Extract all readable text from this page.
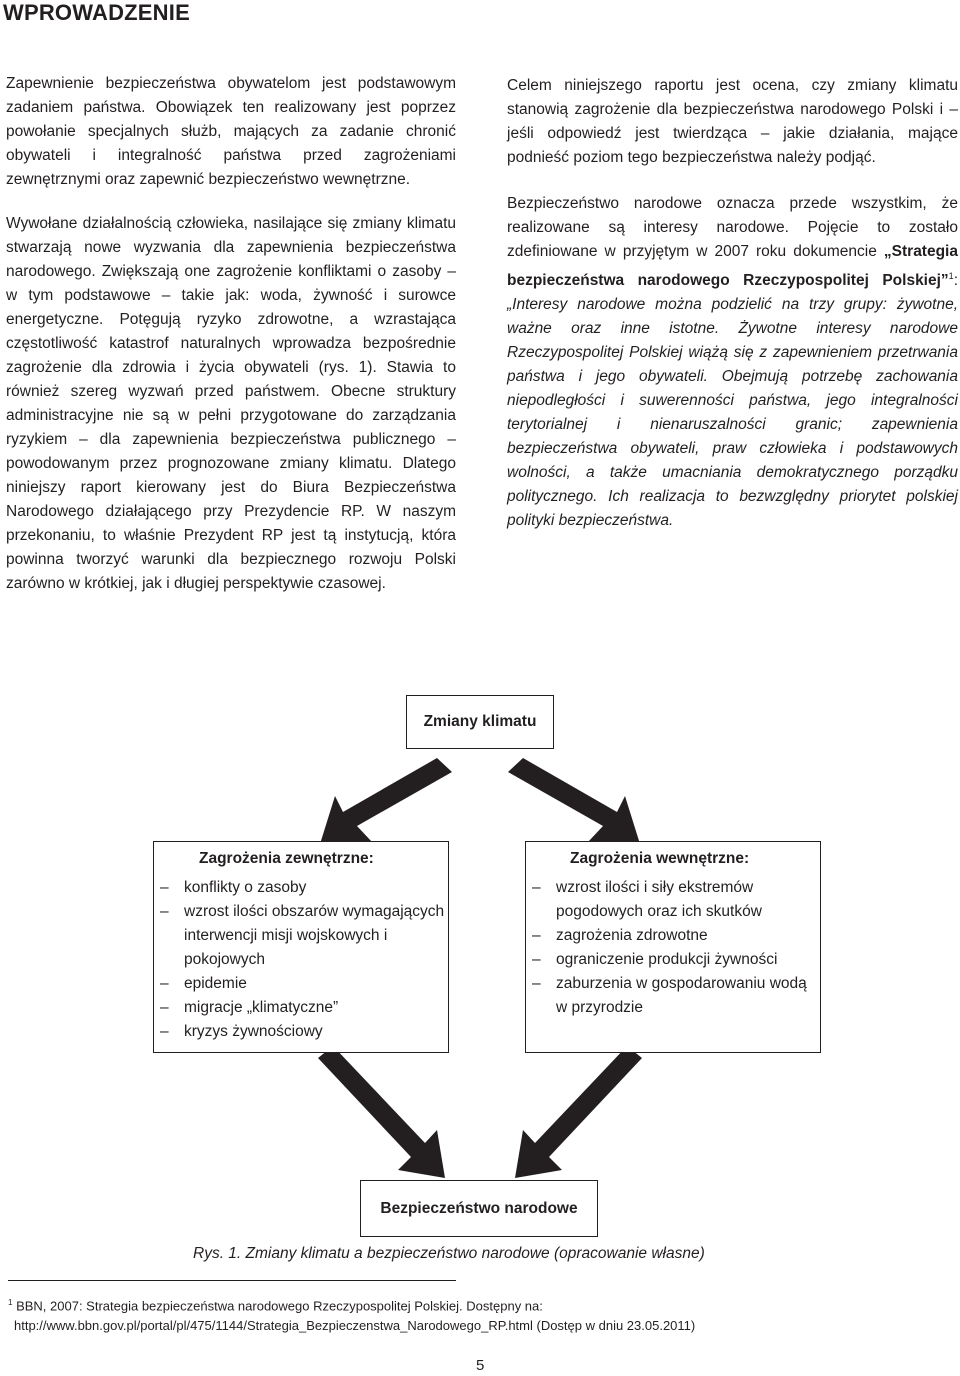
WPROWADZENIE

Zapewnienie bezpieczeństwa obywatelom jest podstawowym zadaniem państwa. Obowiązek ten realizowany jest poprzez powołanie specjalnych służb, mających za zadanie chronić obywateli i integralność państwa przed zagrożeniami zewnętrznymi oraz zapewnić bezpieczeństwo wewnętrzne.

Wywołane działalnością człowieka, nasilające się zmiany klimatu stwarzają nowe wyzwania dla zapewnienia bezpieczeństwa narodowego. Zwiększają one zagrożenie konfliktami o zasoby – w tym podstawowe – takie jak: woda, żywność i surowce energetyczne. Potęgują ryzyko zdrowotne, a wzrastająca częstotliwość katastrof naturalnych wprowadza bezpośrednie zagrożenie dla zdrowia i życia obywateli (rys. 1). Stawia to również szereg wyzwań przed państwem. Obecne struktury administracyjne nie są w pełni przygotowane do zarządzania ryzykiem – dla zapewnienia bezpieczeństwa publicznego – powodowanym przez prognozowane zmiany klimatu. Dlatego niniejszy raport kierowany jest do Biura Bezpieczeństwa Narodowego działającego przy Prezydencie RP. W naszym przekonaniu, to właśnie Prezydent RP jest tą instytucją, która powinna tworzyć warunki dla bezpiecznego rozwoju Polski zarówno w krótkiej, jak i długiej perspektywie czasowej.

Celem niniejszego raportu jest ocena, czy zmiany klimatu stanowią zagrożenie dla bezpieczeństwa narodowego Polski i – jeśli odpowiedź jest twierdząca – jakie działania, mające podnieść poziom tego bezpieczeństwa należy podjąć.

Bezpieczeństwo narodowe oznacza przede wszystkim, że realizowane są interesy narodowe. Pojęcie to zostało zdefiniowane w przyjętym w 2007 roku dokumencie „Strategia bezpieczeństwa narodowego Rzeczypospolitej Polskiej”$^1$: „Interesy narodowe można podzielić na trzy grupy: żywotne, ważne oraz inne istotne. Żywotne interesy narodowe Rzeczypospolitej Polskiej wiążą się z zapewnieniem przetrwania państwa i jego obywateli. Obejmują potrzebę zachowania niepodległości i suwerenności państwa, jego integralności terytorialnej i nienaruszalności granic; zapewnienia bezpieczeństwa obywateli, praw człowieka i podstawowych wolności, a także umacniania demokratycznego porządku politycznego. Ich realizacja to bezwzględny priorytet polskiej polityki bezpieczeństwa.

Zmiany klimatu
Zagrożenia zewnętrzne:
– konflikty o zasoby
– wzrost ilości obszarów wymagających interwencji misji wojskowych i pokojowych
– epidemie
– migracje „klimatyczne”
– kryzys żywnościowy
Zagrożenia wewnętrzne:
– wzrost ilości i siły ekstremów pogodowych oraz ich skutków
– zagrożenia zdrowotne
– ograniczenie produkcji żywności
– zaburzenia w gospodarowaniu wodą w przyrodzie
Bezpieczeństwo narodowe
Rys. 1. Zmiany klimatu a bezpieczeństwo narodowe (opracowanie własne)
$^1$ BBN, 2007: Strategia bezpieczeństwa narodowego Rzeczypospolitej Polskiej. Dostępny na:
http://www.bbn.gov.pl/portal/pl/475/1144/Strategia_Bezpieczenstwa_Narodowego_RP.html (Dostęp w dniu 23.05.2011)
5
